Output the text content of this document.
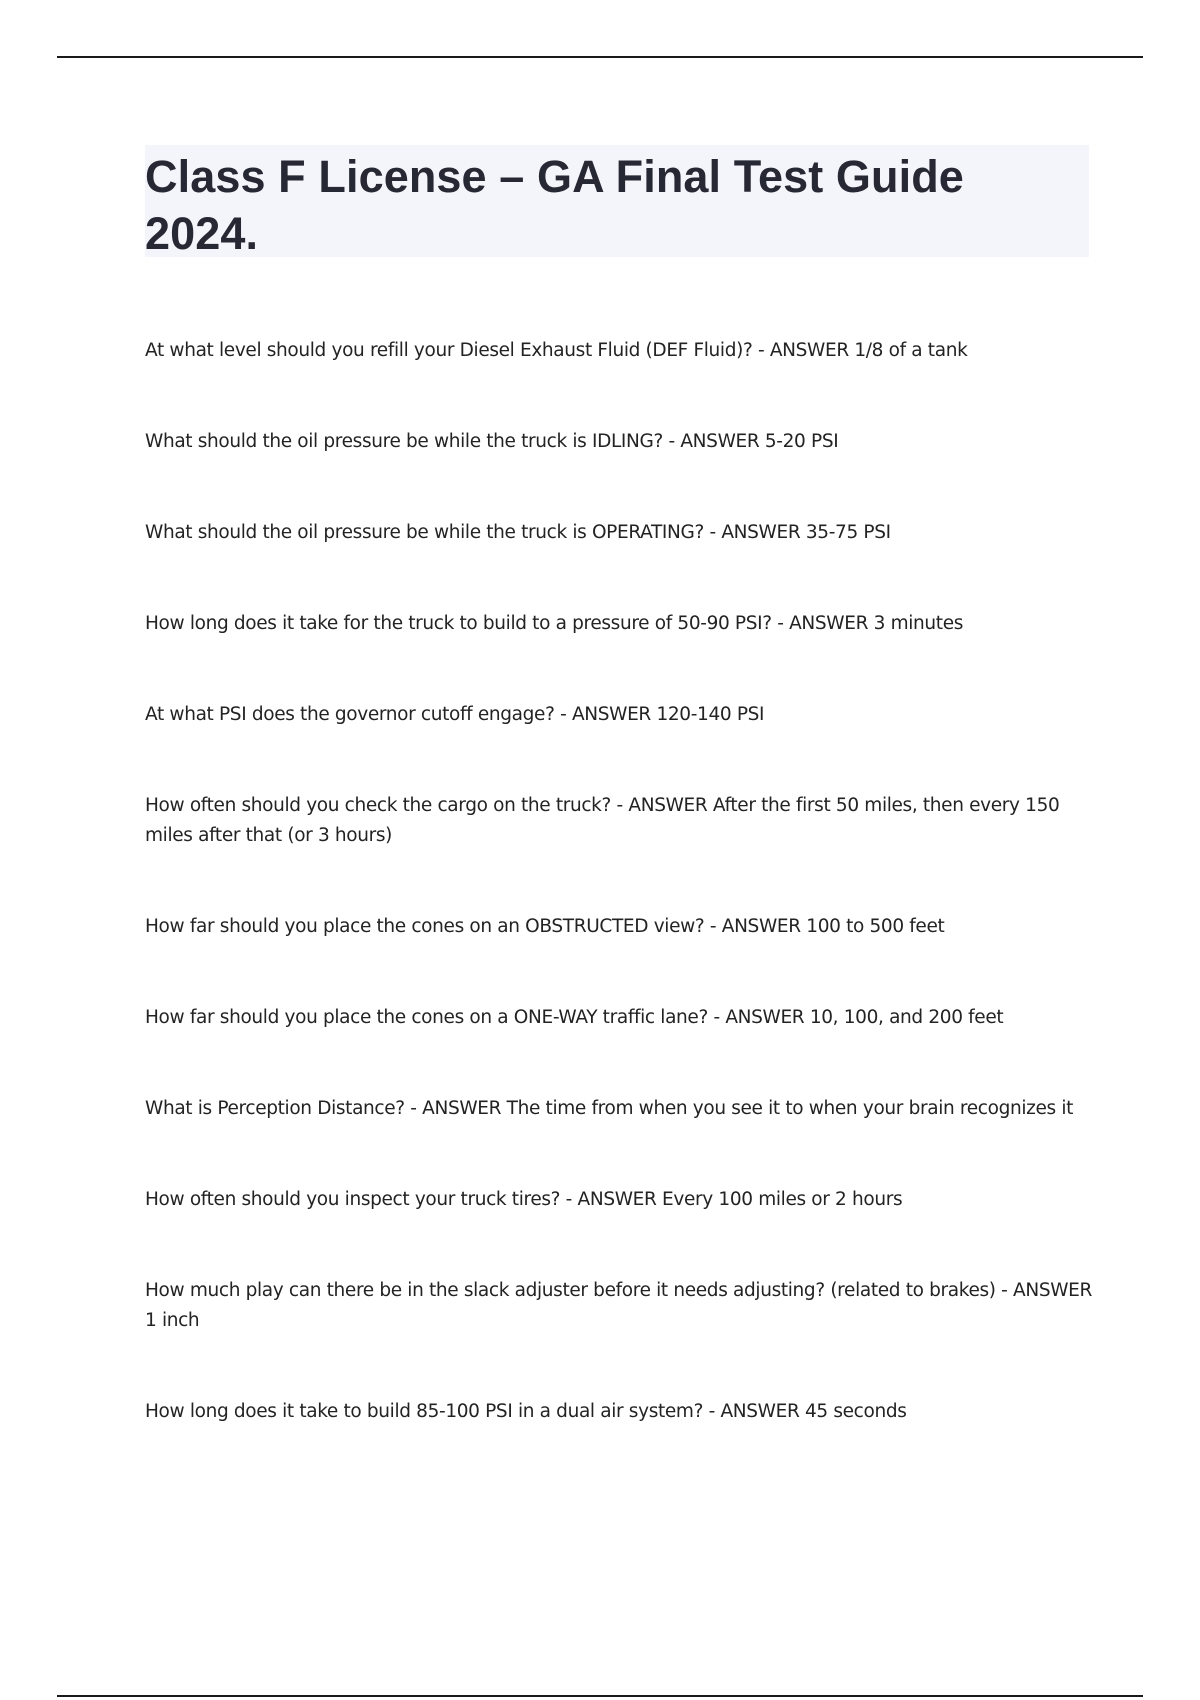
Class F License – GA Final Test Guide 2024.
At what level should you refill your Diesel Exhaust Fluid (DEF Fluid)? - ANSWER 1/8 of a tank
What should the oil pressure be while the truck is IDLING? - ANSWER 5-20 PSI
What should the oil pressure be while the truck is OPERATING? - ANSWER 35-75 PSI
How long does it take for the truck to build to a pressure of 50-90 PSI? - ANSWER 3 minutes
At what PSI does the governor cutoff engage? - ANSWER 120-140 PSI
How often should you check the cargo on the truck? - ANSWER After the first 50 miles, then every 150 miles after that (or 3 hours)
How far should you place the cones on an OBSTRUCTED view? - ANSWER 100 to 500 feet
How far should you place the cones on a ONE-WAY traffic lane? - ANSWER 10, 100, and 200 feet
What is Perception Distance? - ANSWER The time from when you see it to when your brain recognizes it
How often should you inspect your truck tires? - ANSWER Every 100 miles or 2 hours
How much play can there be in the slack adjuster before it needs adjusting? (related to brakes) - ANSWER 1 inch
How long does it take to build 85-100 PSI in a dual air system? - ANSWER 45 seconds
